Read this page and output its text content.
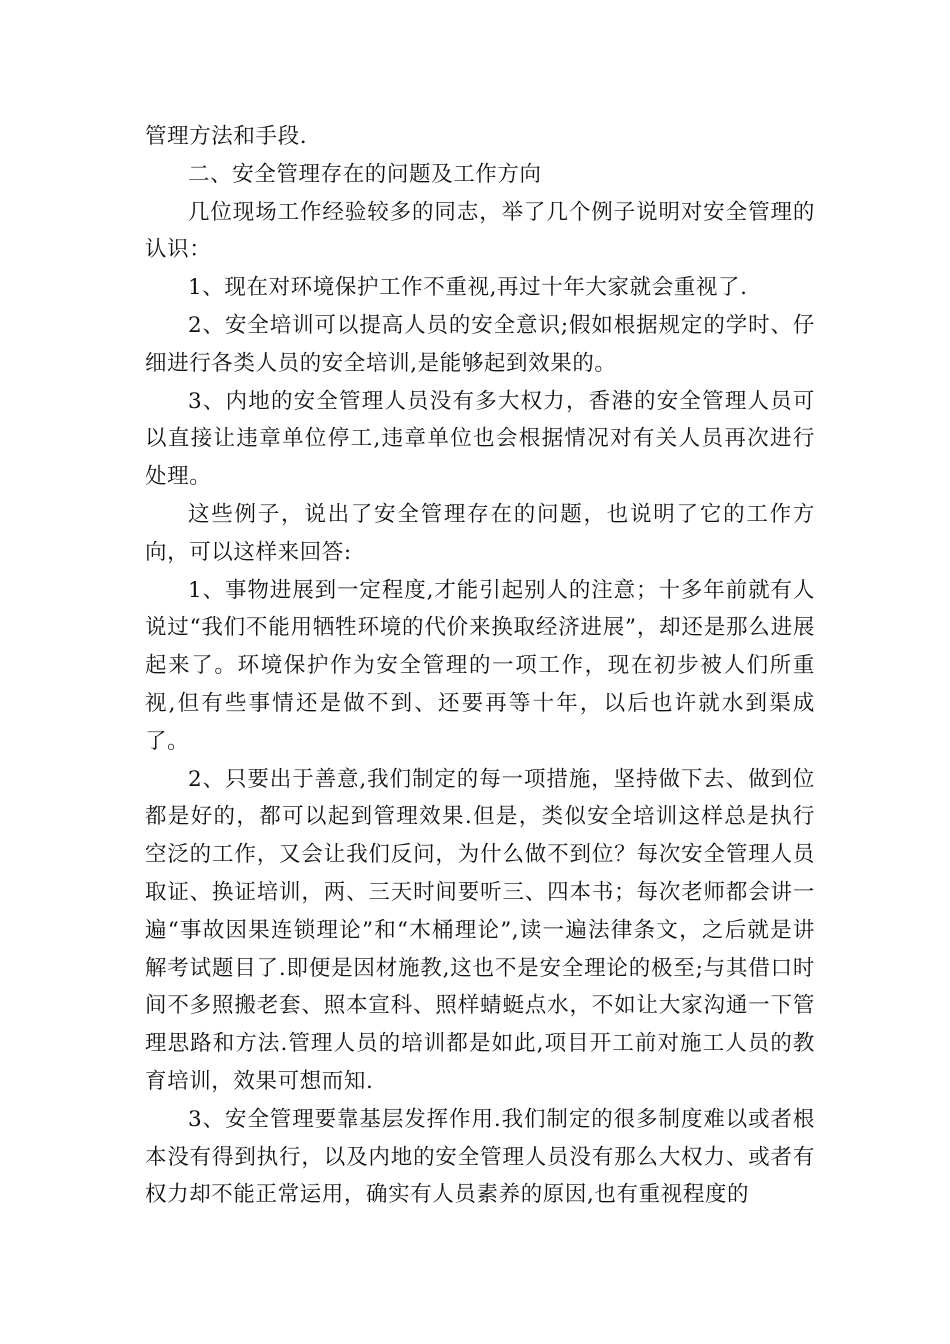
管理方法和手段.

二、安全管理存在的问题及工作方向

几位现场工作经验较多的同志，举了几个例子说明对安全管理的认识：

1、现在对环境保护工作不重视,再过十年大家就会重视了.

2、安全培训可以提高人员的安全意识;假如根据规定的学时、仔细进行各类人员的安全培训,是能够起到效果的。

3、内地的安全管理人员没有多大权力，香港的安全管理人员可以直接让违章单位停工,违章单位也会根据情况对有关人员再次进行处理。

这些例子，说出了安全管理存在的问题，也说明了它的工作方向，可以这样来回答:

1、事物进展到一定程度,才能引起别人的注意；十多年前就有人说过“我们不能用牺牲环境的代价来换取经济进展”，却还是那么进展起来了。环境保护作为安全管理的一项工作，现在初步被人们所重视,但有些事情还是做不到、还要再等十年，以后也许就水到渠成了。

2、只要出于善意,我们制定的每一项措施，坚持做下去、做到位都是好的，都可以起到管理效果.但是，类似安全培训这样总是执行空泛的工作，又会让我们反问，为什么做不到位？每次安全管理人员取证、换证培训，两、三天时间要听三、四本书；每次老师都会讲一遍“事故因果连锁理论”和“木桶理论”,读一遍法律条文，之后就是讲解考试题目了.即便是因材施教,这也不是安全理论的极至;与其借口时间不多照搬老套、照本宣科、照样蜻蜓点水，不如让大家沟通一下管理思路和方法.管理人员的培训都是如此,项目开工前对施工人员的教育培训，效果可想而知.

3、安全管理要靠基层发挥作用.我们制定的很多制度难以或者根本没有得到执行，以及内地的安全管理人员没有那么大权力、或者有权力却不能正常运用，确实有人员素养的原因,也有重视程度的
